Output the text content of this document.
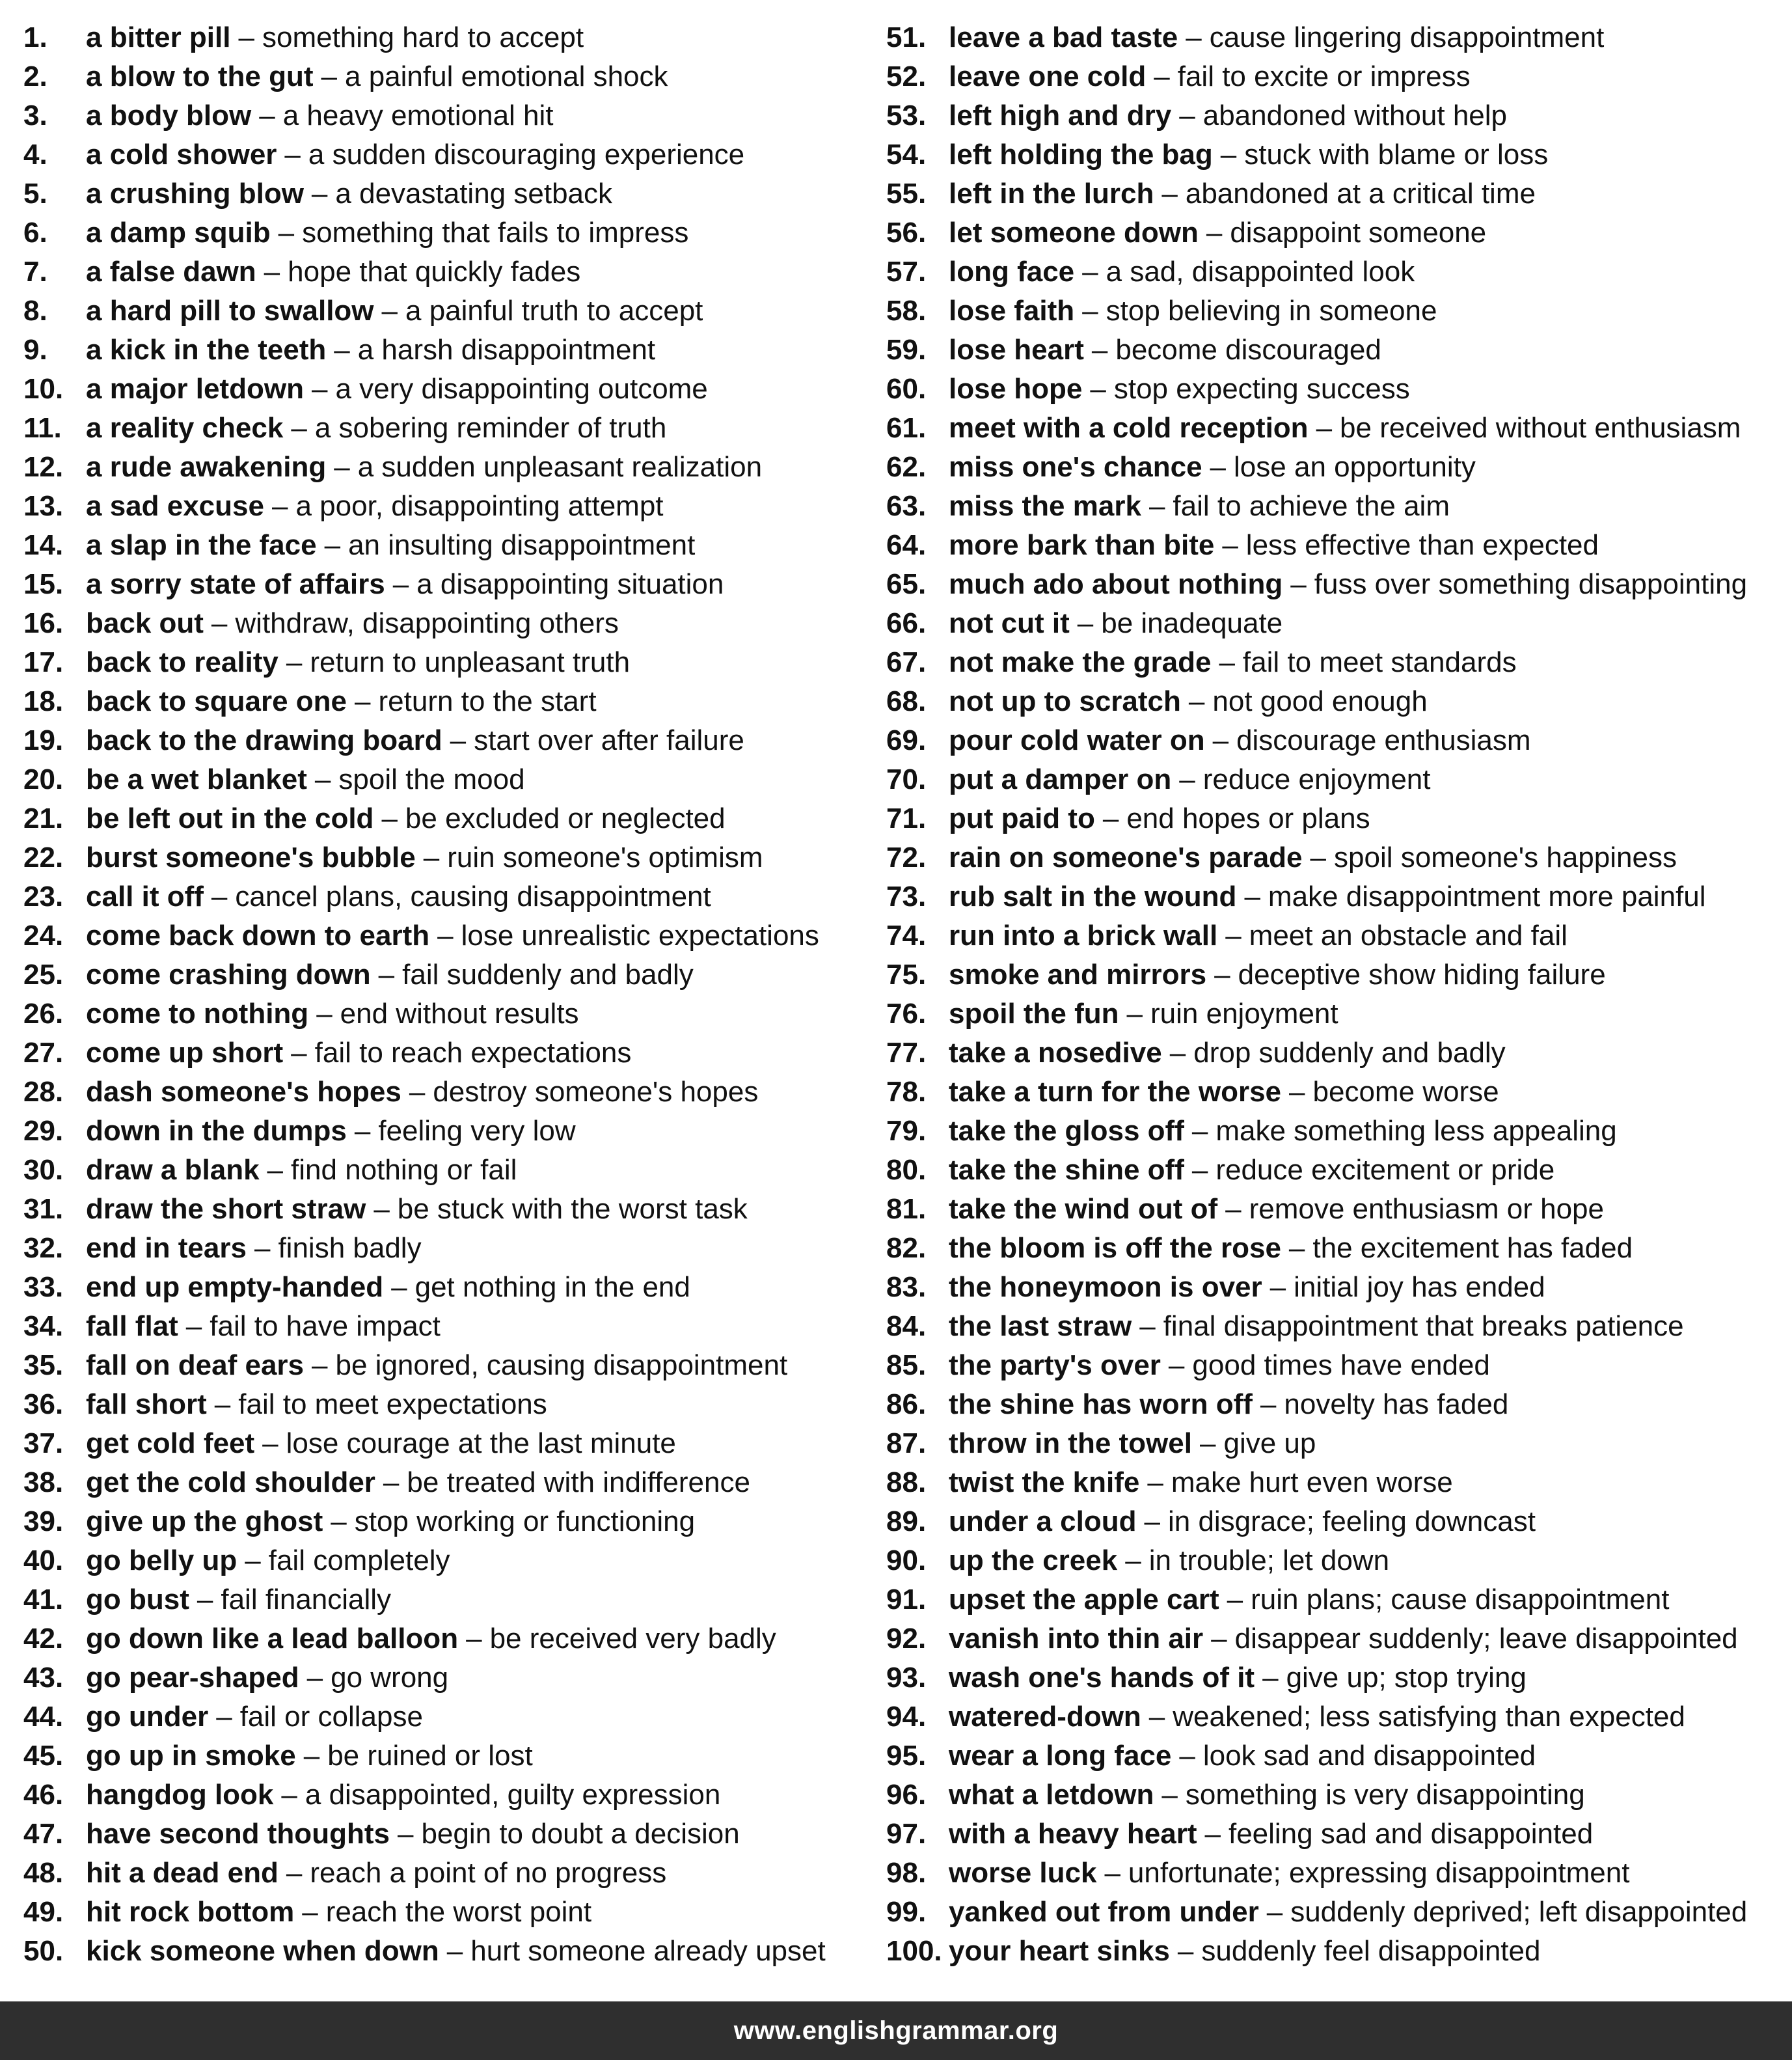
1.	a bitter pill – something hard to accept
2.	a blow to the gut – a painful emotional shock
3.	a body blow – a heavy emotional hit
4.	a cold shower – a sudden discouraging experience
5.	a crushing blow – a devastating setback
6.	a damp squib – something that fails to impress
7.	a false dawn – hope that quickly fades
8.	a hard pill to swallow – a painful truth to accept
9.	a kick in the teeth – a harsh disappointment
10. a major letdown – a very disappointing outcome
11. a reality check – a sobering reminder of truth
12. a rude awakening – a sudden unpleasant realization
13. a sad excuse – a poor, disappointing attempt
14. a slap in the face – an insulting disappointment
15. a sorry state of affairs – a disappointing situation
16. back out – withdraw, disappointing others
17. back to reality – return to unpleasant truth
18. back to square one – return to the start
19. back to the drawing board – start over after failure
20. be a wet blanket – spoil the mood
21. be left out in the cold – be excluded or neglected
22. burst someone's bubble – ruin someone's optimism
23. call it off – cancel plans, causing disappointment
24. come back down to earth – lose unrealistic expectations
25. come crashing down – fail suddenly and badly
26. come to nothing – end without results
27. come up short – fail to reach expectations
28. dash someone's hopes – destroy someone's hopes
29. down in the dumps – feeling very low
30. draw a blank – find nothing or fail
31. draw the short straw – be stuck with the worst task
32. end in tears – finish badly
33. end up empty-handed – get nothing in the end
34. fall flat – fail to have impact
35. fall on deaf ears – be ignored, causing disappointment
36. fall short – fail to meet expectations
37. get cold feet – lose courage at the last minute
38. get the cold shoulder – be treated with indifference
39. give up the ghost – stop working or functioning
40. go belly up – fail completely
41. go bust – fail financially
42. go down like a lead balloon – be received very badly
43. go pear-shaped – go wrong
44. go under – fail or collapse
45. go up in smoke – be ruined or lost
46. hangdog look – a disappointed, guilty expression
47. have second thoughts – begin to doubt a decision
48. hit a dead end – reach a point of no progress
49. hit rock bottom – reach the worst point
50. kick someone when down – hurt someone already upset
51. leave a bad taste – cause lingering disappointment
52. leave one cold – fail to excite or impress
53. left high and dry – abandoned without help
54. left holding the bag – stuck with blame or loss
55. left in the lurch – abandoned at a critical time
56. let someone down – disappoint someone
57. long face – a sad, disappointed look
58. lose faith – stop believing in someone
59. lose heart – become discouraged
60. lose hope – stop expecting success
61. meet with a cold reception – be received without enthusiasm
62. miss one's chance – lose an opportunity
63. miss the mark – fail to achieve the aim
64. more bark than bite – less effective than expected
65. much ado about nothing – fuss over something disappointing
66. not cut it – be inadequate
67. not make the grade – fail to meet standards
68. not up to scratch – not good enough
69. pour cold water on – discourage enthusiasm
70. put a damper on – reduce enjoyment
71. put paid to – end hopes or plans
72. rain on someone's parade – spoil someone's happiness
73. rub salt in the wound – make disappointment more painful
74. run into a brick wall – meet an obstacle and fail
75. smoke and mirrors – deceptive show hiding failure
76. spoil the fun – ruin enjoyment
77. take a nosedive – drop suddenly and badly
78. take a turn for the worse – become worse
79. take the gloss off – make something less appealing
80. take the shine off – reduce excitement or pride
81. take the wind out of – remove enthusiasm or hope
82. the bloom is off the rose – the excitement has faded
83. the honeymoon is over – initial joy has ended
84. the last straw – final disappointment that breaks patience
85. the party's over – good times have ended
86. the shine has worn off – novelty has faded
87. throw in the towel – give up
88. twist the knife – make hurt even worse
89. under a cloud – in disgrace; feeling downcast
90. up the creek – in trouble; let down
91. upset the apple cart – ruin plans; cause disappointment
92. vanish into thin air – disappear suddenly; leave disappointed
93. wash one's hands of it – give up; stop trying
94. watered-down – weakened; less satisfying than expected
95. wear a long face – look sad and disappointed
96. what a letdown – something is very disappointing
97. with a heavy heart – feeling sad and disappointed
98. worse luck – unfortunate; expressing disappointment
99. yanked out from under – suddenly deprived; left disappointed
100. your heart sinks – suddenly feel disappointed
www.englishgrammar.org
